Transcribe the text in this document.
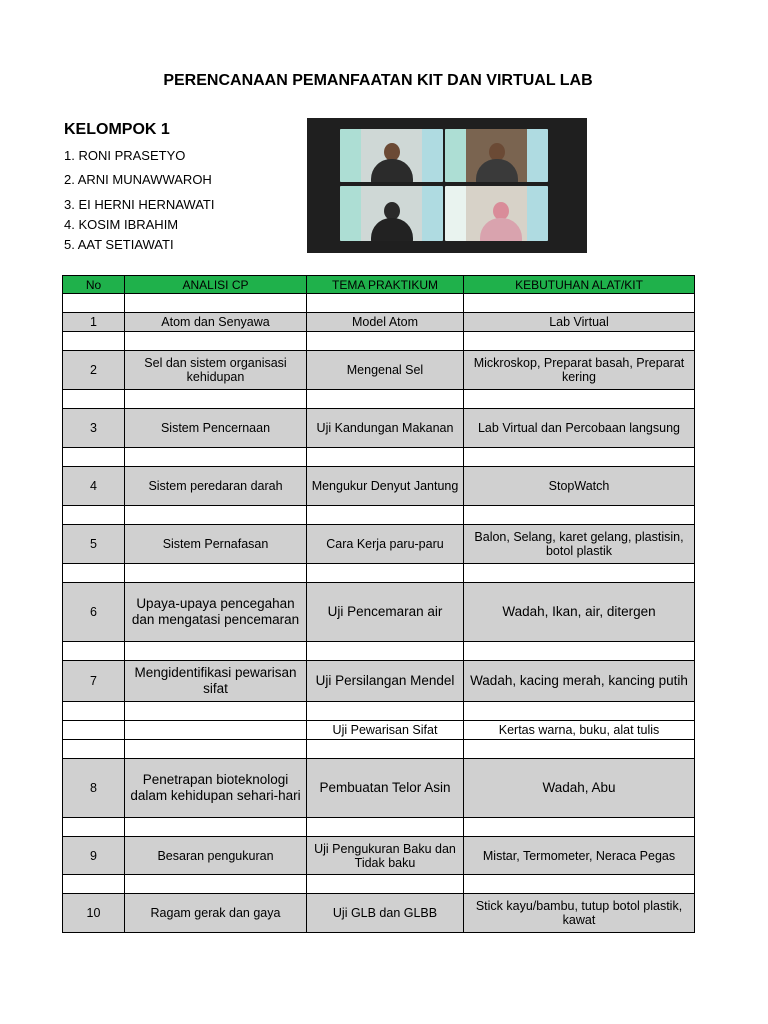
PERENCANAAN PEMANFAATAN KIT DAN VIRTUAL LAB
KELOMPOK 1
1. RONI PRASETYO
2. ARNI MUNAWWAROH
3. EI HERNI HERNAWATI
4. KOSIM IBRAHIM
5. AAT SETIAWATI
No	ANALISI CP	TEMA PRAKTIKUM	KEBUTUHAN ALAT/KIT

1	Atom dan Senyawa	Model Atom	Lab Virtual

2	Sel dan sistem organisasi kehidupan	Mengenal Sel	Mickroskop, Preparat basah, Preparat kering

3	Sistem Pencernaan	Uji Kandungan Makanan	Lab Virtual dan Percobaan langsung

4	Sistem peredaran darah	Mengukur Denyut Jantung	StopWatch

5	Sistem Pernafasan	Cara Kerja paru-paru	Balon, Selang, karet gelang, plastisin, botol plastik

6	Upaya-upaya pencegahan dan mengatasi pencemaran	Uji Pencemaran air	Wadah, Ikan, air, ditergen

7	Mengidentifikasi pewarisan sifat	Uji Persilangan Mendel	Wadah, kacing merah, kancing putih

		Uji Pewarisan Sifat	Kertas warna, buku, alat tulis

8	Penetrapan bioteknologi dalam kehidupan sehari-hari	Pembuatan Telor Asin	Wadah, Abu

9	Besaran pengukuran	Uji Pengukuran Baku dan Tidak baku	Mistar, Termometer, Neraca Pegas

10	Ragam gerak dan gaya	Uji GLB dan GLBB	Stick kayu/bambu, tutup botol plastik, kawat
